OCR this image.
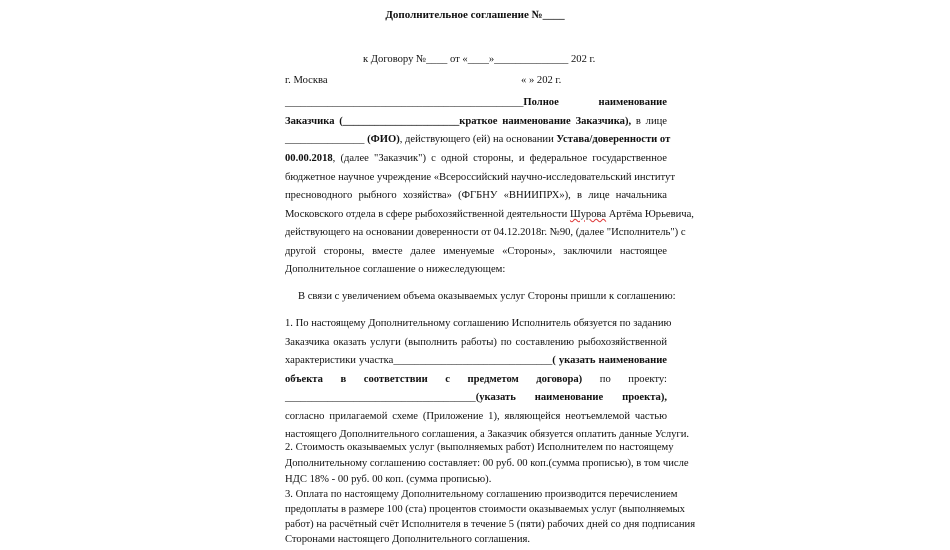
Дополнительное соглашение №____

к Договору №____ от «____»______________ 202 г.

г. Москва	« » 202 г.

_____________________________________________Полное наименование

Заказчика (______________________краткое наименование Заказчика), в лице

_______________ (ФИО), действующего (ей) на основании Устава/доверенности от

00.00.2018, (далее "Заказчик") с одной стороны, и федеральное государственное

бюджетное научное учреждение «Всероссийский научно-исследовательский институт

пресноводного рыбного хозяйства» (ФГБНУ «ВНИИПРХ»), в лице начальника

Московского отдела в сфере рыбохозяйственной деятельности Шурова Артёма Юрьевича,

действующего на основании доверенности от 04.12.2018г. №90, (далее "Исполнитель") с

другой стороны, вместе далее именуемые «Стороны», заключили настоящее

Дополнительное соглашение о нижеследующем:

В связи с увеличением объема оказываемых услуг Стороны пришли к соглашению:

1. По настоящему Дополнительному соглашению Исполнитель обязуется по заданию

Заказчика оказать услуги (выполнить работы) по составлению рыбохозяйственной

характеристики участка______________________________( указать наименование

объекта в соответствии с предметом договора) по проекту:

____________________________________(указать наименование проекта),

согласно прилагаемой схеме (Приложение 1), являющейся неотъемлемой частью

настоящего Дополнительного соглашения, а Заказчик обязуется оплатить данные Услуги.

2. Стоимость оказываемых услуг (выполняемых работ) Исполнителем по настоящему

Дополнительному соглашению составляет: 00 руб. 00 коп.(сумма прописью), в том числе

НДС 18% - 00 руб. 00 коп. (сумма прописью).

3. Оплата по настоящему Дополнительному соглашению производится перечислением

предоплаты в размере 100 (ста) процентов стоимости оказываемых услуг (выполняемых

работ) на расчётный счёт Исполнителя в течение 5 (пяти) рабочих дней со дня подписания

Сторонами настоящего Дополнительного соглашения.
